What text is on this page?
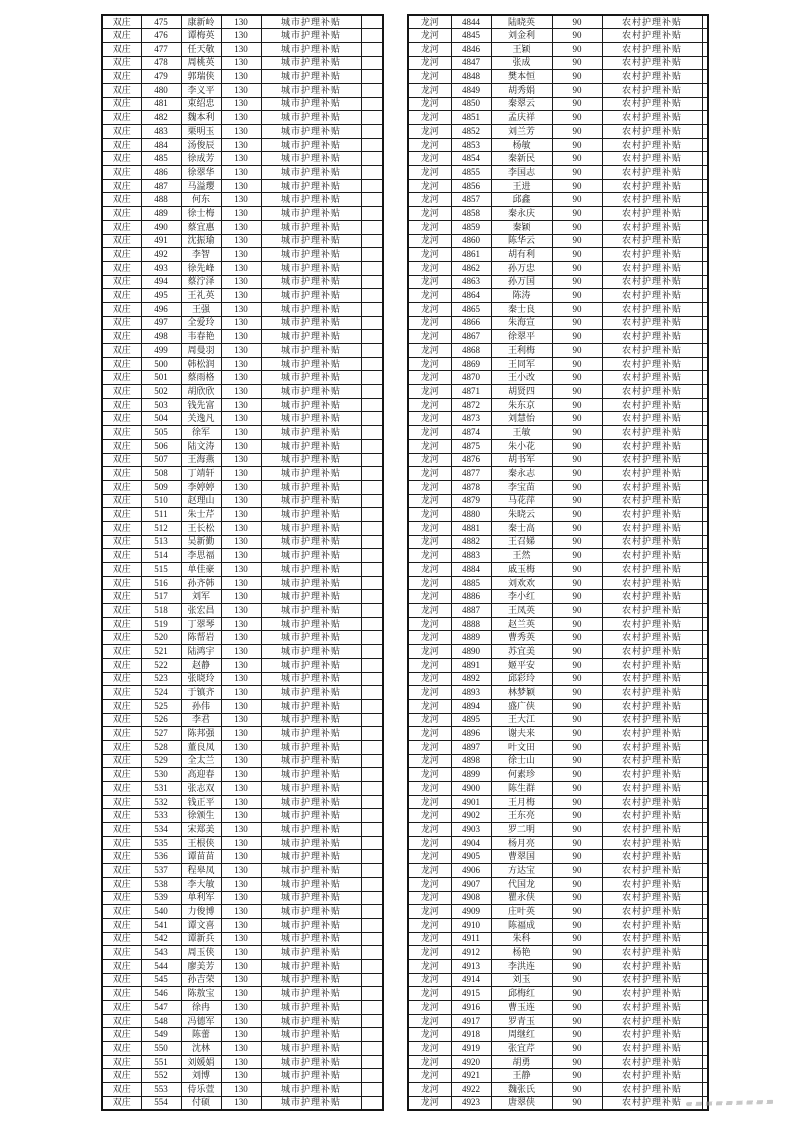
双庄	475	康新岭	130	城市护理补贴	
双庄	476	谭梅英	130	城市护理补贴	
双庄	477	任天敬	130	城市护理补贴	
双庄	478	周桃英	130	城市护理补贴	
双庄	479	郭瑞侠	130	城市护理补贴	
双庄	480	李义平	130	城市护理补贴	
双庄	481	束绍忠	130	城市护理补贴	
双庄	482	魏本利	130	城市护理补贴	
双庄	483	栗明玉	130	城市护理补贴	
双庄	484	汤俊辰	130	城市护理补贴	
双庄	485	徐成芳	130	城市护理补贴	
双庄	486	徐翠华	130	城市护理补贴	
双庄	487	马溢璎	130	城市护理补贴	
双庄	488	何东	130	城市护理补贴	
双庄	489	徐士梅	130	城市护理补贴	
双庄	490	蔡宜惠	130	城市护理补贴	
双庄	491	沈振瑜	130	城市护理补贴	
双庄	492	李智	130	城市护理补贴	
双庄	493	徐先峰	130	城市护理补贴	
双庄	494	蔡泞泽	130	城市护理补贴	
双庄	495	王礼英	130	城市护理补贴	
双庄	496	王强	130	城市护理补贴	
双庄	497	全爱玲	130	城市护理补贴	
双庄	498	韦春艳	130	城市护理补贴	
双庄	499	周曼羽	130	城市护理补贴	
双庄	500	韩松润	130	城市护理补贴	
双庄	501	蔡雨格	130	城市护理补贴	
双庄	502	胡欣欣	130	城市护理补贴	
双庄	503	钱先富	130	城市护理补贴	
双庄	504	关逸凡	130	城市护理补贴	
双庄	505	徐军	130	城市护理补贴	
双庄	506	陆文涛	130	城市护理补贴	
双庄	507	王海燕	130	城市护理补贴	
双庄	508	丁靖轩	130	城市护理补贴	
双庄	509	李婷婷	130	城市护理补贴	
双庄	510	赵理山	130	城市护理补贴	
双庄	511	朱士芹	130	城市护理补贴	
双庄	512	王长松	130	城市护理补贴	
双庄	513	吴新勤	130	城市护理补贴	
双庄	514	李思福	130	城市护理补贴	
双庄	515	单佳豪	130	城市护理补贴	
双庄	516	孙齐韩	130	城市护理补贴	
双庄	517	刘军	130	城市护理补贴	
双庄	518	张宏昌	130	城市护理补贴	
双庄	519	丁翠琴	130	城市护理补贴	
双庄	520	陈帮岩	130	城市护理补贴	
双庄	521	陆鸿宇	130	城市护理补贴	
双庄	522	赵静	130	城市护理补贴	
双庄	523	张晓玲	130	城市护理补贴	
双庄	524	于镇齐	130	城市护理补贴	
双庄	525	孙伟	130	城市护理补贴	
双庄	526	李君	130	城市护理补贴	
双庄	527	陈邦强	130	城市护理补贴	
双庄	528	董良凤	130	城市护理补贴	
双庄	529	全太兰	130	城市护理补贴	
双庄	530	高迎春	130	城市护理补贴	
双庄	531	张志双	130	城市护理补贴	
双庄	532	钱正平	130	城市护理补贴	
双庄	533	徐颁生	130	城市护理补贴	
双庄	534	宋郑美	130	城市护理补贴	
双庄	535	王根侠	130	城市护理补贴	
双庄	536	谭苗苗	130	城市护理补贴	
双庄	537	程皋凤	130	城市护理补贴	
双庄	538	李大敏	130	城市护理补贴	
双庄	539	单利军	130	城市护理补贴	
双庄	540	力俊博	130	城市护理补贴	
双庄	541	谭文喜	130	城市护理补贴	
双庄	542	谭新兵	130	城市护理补贴	
双庄	543	周玉侠	130	城市护理补贴	
双庄	544	廖美芳	130	城市护理补贴	
双庄	545	孙吉荣	130	城市护理补贴	
双庄	546	陈敖宝	130	城市护理补贴	
双庄	547	徐冉	130	城市护理补贴	
双庄	548	冯德军	130	城市护理补贴	
双庄	549	陈蕾	130	城市护理补贴	
双庄	550	沈林	130	城市护理补贴	
双庄	551	刘媛娟	130	城市护理补贴	
双庄	552	刘博	130	城市护理补贴	
双庄	553	侍乐萱	130	城市护理补贴	
双庄	554	付硕	130	城市护理补贴	
龙河	4844	陆晓英	90	农村护理补贴	
龙河	4845	刘金利	90	农村护理补贴	
龙河	4846	王颖	90	农村护理补贴	
龙河	4847	张成	90	农村护理补贴	
龙河	4848	樊本恒	90	农村护理补贴	
龙河	4849	胡秀娟	90	农村护理补贴	
龙河	4850	秦翠云	90	农村护理补贴	
龙河	4851	孟庆祥	90	农村护理补贴	
龙河	4852	刘兰芳	90	农村护理补贴	
龙河	4853	杨敏	90	农村护理补贴	
龙河	4854	秦新民	90	农村护理补贴	
龙河	4855	李国志	90	农村护理补贴	
龙河	4856	王进	90	农村护理补贴	
龙河	4857	邱鑫	90	农村护理补贴	
龙河	4858	秦永庆	90	农村护理补贴	
龙河	4859	秦颖	90	农村护理补贴	
龙河	4860	陈华云	90	农村护理补贴	
龙河	4861	胡有利	90	农村护理补贴	
龙河	4862	孙万忠	90	农村护理补贴	
龙河	4863	孙万国	90	农村护理补贴	
龙河	4864	陈涛	90	农村护理补贴	
龙河	4865	秦士良	90	农村护理补贴	
龙河	4866	朱海宣	90	农村护理补贴	
龙河	4867	徐翠平	90	农村护理补贴	
龙河	4868	王利梅	90	农村护理补贴	
龙河	4869	王同军	90	农村护理补贴	
龙河	4870	王小改	90	农村护理补贴	
龙河	4871	胡贤四	90	农村护理补贴	
龙河	4872	朱东京	90	农村护理补贴	
龙河	4873	刘慧怡	90	农村护理补贴	
龙河	4874	王敏	90	农村护理补贴	
龙河	4875	朱小花	90	农村护理补贴	
龙河	4876	胡书军	90	农村护理补贴	
龙河	4877	秦永志	90	农村护理补贴	
龙河	4878	李宝苗	90	农村护理补贴	
龙河	4879	马花萍	90	农村护理补贴	
龙河	4880	朱晓云	90	农村护理补贴	
龙河	4881	秦士高	90	农村护理补贴	
龙河	4882	王召娣	90	农村护理补贴	
龙河	4883	王然	90	农村护理补贴	
龙河	4884	戚玉梅	90	农村护理补贴	
龙河	4885	刘欢欢	90	农村护理补贴	
龙河	4886	李小红	90	农村护理补贴	
龙河	4887	王凤英	90	农村护理补贴	
龙河	4888	赵兰英	90	农村护理补贴	
龙河	4889	曹秀英	90	农村护理补贴	
龙河	4890	苏宜美	90	农村护理补贴	
龙河	4891	姬平安	90	农村护理补贴	
龙河	4892	邱彩玲	90	农村护理补贴	
龙河	4893	林梦颖	90	农村护理补贴	
龙河	4894	盛广侠	90	农村护理补贴	
龙河	4895	王大江	90	农村护理补贴	
龙河	4896	谢夫来	90	农村护理补贴	
龙河	4897	叶文田	90	农村护理补贴	
龙河	4898	徐士山	90	农村护理补贴	
龙河	4899	何素珍	90	农村护理补贴	
龙河	4900	陈生群	90	农村护理补贴	
龙河	4901	王月梅	90	农村护理补贴	
龙河	4902	王东亮	90	农村护理补贴	
龙河	4903	罗二明	90	农村护理补贴	
龙河	4904	杨月亮	90	农村护理补贴	
龙河	4905	曹翠国	90	农村护理补贴	
龙河	4906	方达宝	90	农村护理补贴	
龙河	4907	代国龙	90	农村护理补贴	
龙河	4908	瞿永侠	90	农村护理补贴	
龙河	4909	庄叶英	90	农村护理补贴	
龙河	4910	陈福成	90	农村护理补贴	
龙河	4911	朱科	90	农村护理补贴	
龙河	4912	杨艳	90	农村护理补贴	
龙河	4913	李洪连	90	农村护理补贴	
龙河	4914	刘玉	90	农村护理补贴	
龙河	4915	邱梅红	90	农村护理补贴	
龙河	4916	曹玉连	90	农村护理补贴	
龙河	4917	罗青玉	90	农村护理补贴	
龙河	4918	周继红	90	农村护理补贴	
龙河	4919	张宜芹	90	农村护理补贴	
龙河	4920	胡勇	90	农村护理补贴	
龙河	4921	王静	90	农村护理补贴	
龙河	4922	魏张氏	90	农村护理补贴	
龙河	4923	唐翠侠	90	农村护理补贴	
